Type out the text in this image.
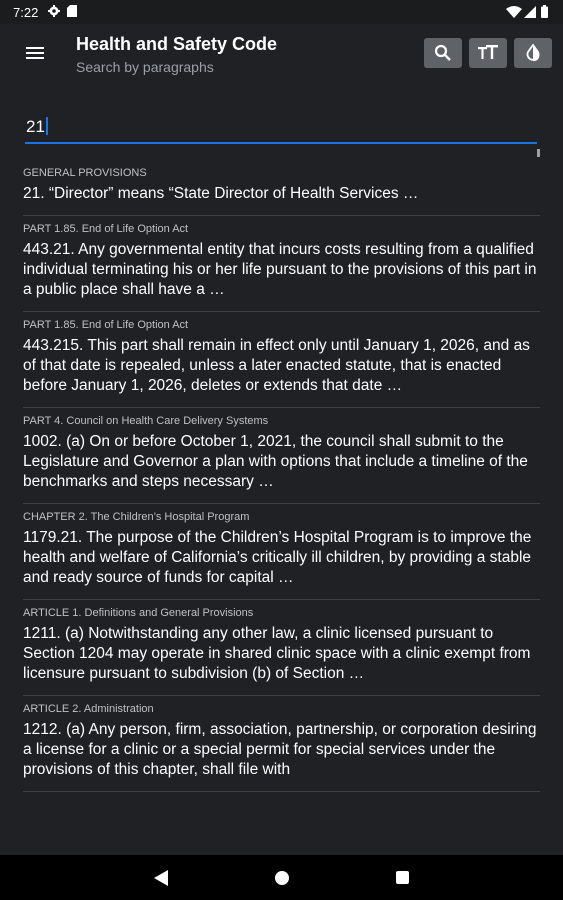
7:22
Health and Safety Code
Search by paragraphs
21
GENERAL PROVISIONS
21. “Director” means “State Director of Health Services …
PART 1.85. End of Life Option Act
443.21. Any governmental entity that incurs costs resulting from a qualified individual terminating his or her life pursuant to the provisions of this part in a public place shall have a …
PART 1.85. End of Life Option Act
443.215. This part shall remain in effect only until January 1, 2026, and as of that date is repealed, unless a later enacted statute, that is enacted before January 1, 2026, deletes or extends that date …
PART 4. Council on Health Care Delivery Systems
1002. (a) On or before October 1, 2021, the council shall submit to the Legislature and Governor a plan with options that include a timeline of the benchmarks and steps necessary …
CHAPTER 2. The Children’s Hospital Program
1179.21. The purpose of the Children’s Hospital Program is to improve the health and welfare of California’s critically ill children, by providing a stable and ready source of funds for capital …
ARTICLE 1. Definitions and General Provisions
1211. (a) Notwithstanding any other law, a clinic licensed pursuant to Section 1204 may operate in shared clinic space with a clinic exempt from licensure pursuant to subdivision (b) of Section …
ARTICLE 2. Administration
1212. (a) Any person, firm, association, partnership, or corporation desiring a license for a clinic or a special permit for special services under the provisions of this chapter, shall file with
